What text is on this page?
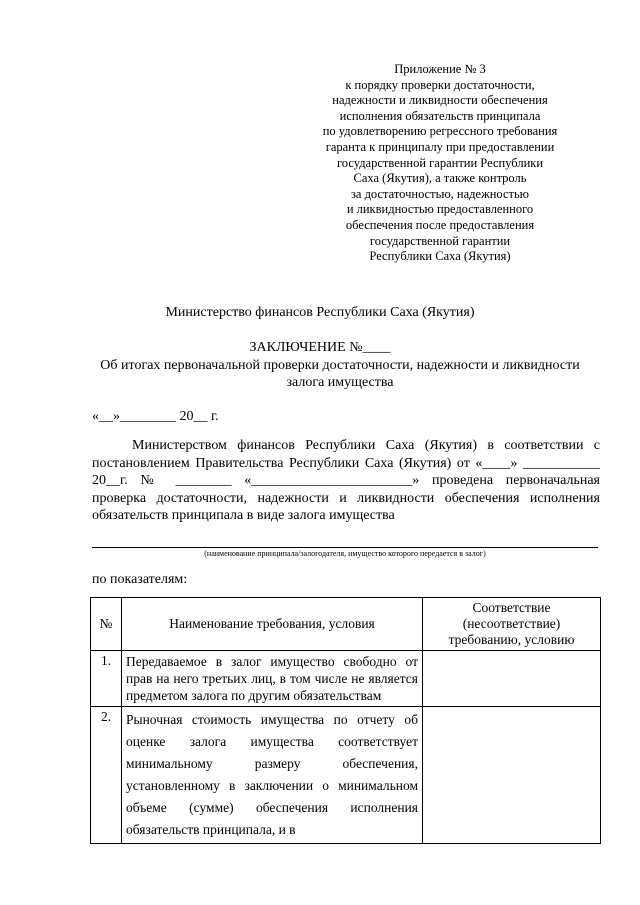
Приложение № 3
к порядку проверки достаточности,
надежности и ликвидности обеспечения
исполнения обязательств принципала
по удовлетворению регрессного требования
гаранта к принципалу при предоставлении
государственной гарантии Республики
Саха (Якутия), а также контроль
за достаточностью, надежностью
и ликвидностью предоставленного
обеспечения после предоставления
государственной гарантии
Республики Саха (Якутия)
Министерство финансов Республики Саха (Якутия)
ЗАКЛЮЧЕНИЕ №____
Об итогах первоначальной проверки достаточности, надежности и ликвидности залога имущества
«__»________ 20__ г.
Министерством финансов Республики Саха (Якутия) в соответствии с постановлением Правительства Республики Саха (Якутия) от «____» ___________ 20__г. № ________ «_______________________» проведена первоначальная проверка достаточности, надежности и ликвидности обеспечения исполнения обязательств принципала в виде залога имущества
(наименование принципала/залогодателя, имущество которого передается в залог)
по показателям:
№	Наименование требования, условия	Соответствие (несоответствие) требованию, условию
1.	Передаваемое в залог имущество свободно от прав на него третьих лиц, в том числе не является предметом залога по другим обязательствам	
2.	Рыночная стоимость имущества по отчету об оценке залога имущества соответствует минимальному размеру обеспечения, установленному в заключении о минимальном объеме (сумме) обеспечения исполнения обязательств принципала, и в	
